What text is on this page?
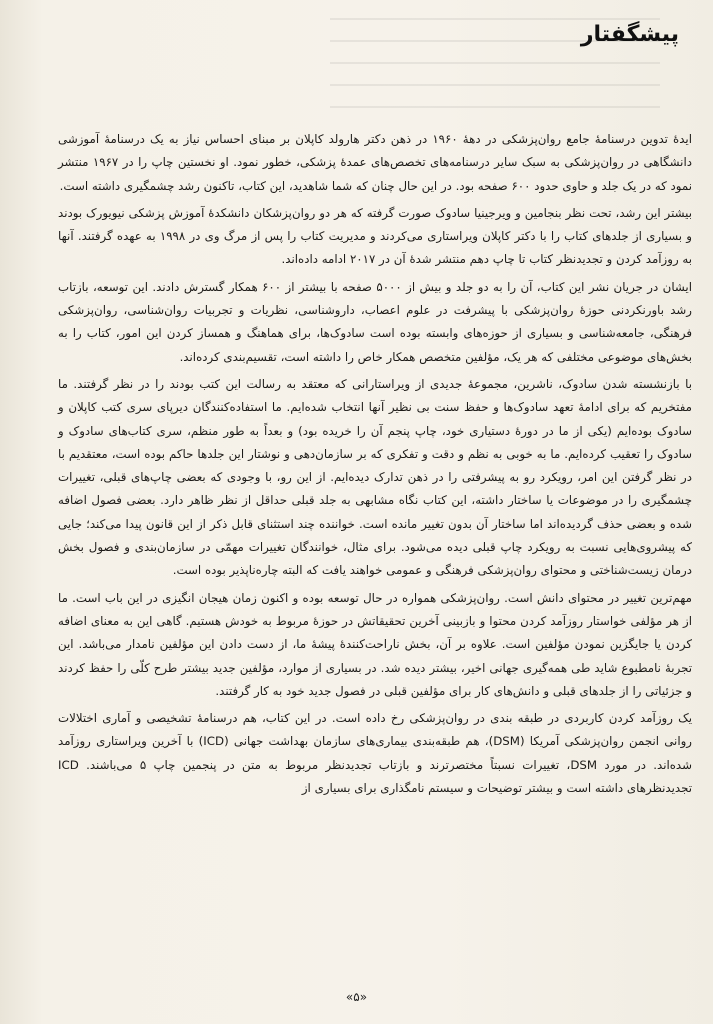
پیشگفتار

ایدهٔ تدوین درسنامهٔ جامع روان‌پزشکی در دههٔ ۱۹۶۰ در ذهن دکتر هارولد کاپلان بر مبنای احساس نیاز به یک درسنامهٔ آموزشی دانشگاهی در روان‌پزشکی به سبک سایر درسنامه‌های تخصص‌های عمدهٔ پزشکی، خطور نمود. او نخستین چاپ را در ۱۹۶۷ منتشر نمود که در یک جلد و حاوی حدود ۶۰۰ صفحه بود. در این حال چنان که شما شاهدید، این کتاب، تاکنون رشد چشمگیری داشته است.

بیشتر این رشد، تحت نظر بنجامین و ویرجینیا سادوک صورت گرفته که هر دو روان‌پزشکان دانشکدهٔ آموزش پزشکی نیویورک بودند و بسیاری از جلدهای کتاب را با دکتر کاپلان ویراستاری می‌کردند و مدیریت کتاب را پس از مرگ وی در ۱۹۹۸ به عهده گرفتند. آنها به روزآمد کردن و تجدیدنظر کتاب تا چاپ دهم منتشر شدهٔ آن در ۲۰۱۷ ادامه داده‌اند.

ایشان در جریان نشر این کتاب، آن را به دو جلد و بیش از ۵۰۰۰ صفحه با بیشتر از ۶۰۰ همکار گسترش دادند. این توسعه، بازتاب رشد باورنکردنی حوزهٔ روان‌پزشکی با پیشرفت در علوم اعصاب، داروشناسی، نظریات و تجربیات روان‌شناسی، روان‌پزشکی فرهنگی، جامعه‌شناسی و بسیاری از حوزه‌های وابسته بوده است سادوک‌ها، برای هماهنگ و همساز کردن این امور، کتاب را به بخش‌های موضوعی مختلفی که هر یک، مؤلفین متخصص همکار خاص را داشته است، تقسیم‌بندی کرده‌اند.

با بازنشسته شدن سادوک، ناشرین، مجموعهٔ جدیدی از ویراستارانی که معتقد به رسالت این کتب بودند را در نظر گرفتند. ما مفتخریم که برای ادامهٔ تعهد سادوک‌ها و حفظ سنت بی نظیر آنها انتخاب شده‌ایم. ما استفاده‌کنندگان دیرپای سری کتب کاپلان و سادوک بوده‌ایم (یکی از ما در دورهٔ دستیاری خود، چاپ پنجم آن را خریده بود) و بعداً به طور منظم، سری کتاب‌های سادوک و سادوک را تعقیب کرده‌ایم. ما به خوبی به نظم و دقت و تفکری که بر سازمان‌دهی و نوشتار این جلدها حاکم بوده است، معتقدیم با در نظر گرفتن این امر، رویکرد رو به پیشرفتی را در ذهن تدارک دیده‌ایم. از این رو، با وجودی که بعضی چاپ‌های قبلی، تغییرات چشمگیری را در موضوعات یا ساختار داشته، این کتاب نگاه مشابهی به جلد قبلی حداقل از نظر ظاهر دارد. بعضی فصول اضافه شده و بعضی حذف گردیده‌اند اما ساختار آن بدون تغییر مانده است. خواننده چند استثنای قابل ذکر از این قانون پیدا می‌کند؛ جایی که پیشروی‌هایی نسبت به رویکرد چاپ قبلی دیده می‌شود. برای مثال، خوانندگان تغییرات مهمّی در سازمان‌بندی و فصول بخش درمان زیست‌شناختی و محتوای روان‌پزشکی فرهنگی و عمومی خواهند یافت که البته چاره‌ناپذیر بوده است.

مهم‌ترین تغییر در محتوای دانش است. روان‌پزشکی همواره در حال توسعه بوده و اکنون زمان هیجان انگیزی در این باب است. ما از هر مؤلفی خواستار روزآمد کردن محتوا و بازبینی آخرین تحقیقاتش در حوزهٔ مربوط به خودش هستیم. گاهی این به معنای اضافه کردن یا جایگزین نمودن مؤلفین است. علاوه بر آن، بخش ناراحت‌کنندهٔ پیشهٔ ما، از دست دادن این مؤلفین نامدار می‌باشد. این تجربهٔ نامطبوع شاید طی همه‌گیری جهانی اخیر، بیشتر دیده شد. در بسیاری از موارد، مؤلفین جدید بیشتر طرح کلّی را حفظ کردند و جزئیاتی را از جلدهای قبلی و دانش‌های کار برای مؤلفین قبلی در فصول جدید خود به کار گرفتند.

یک روزآمد کردن کاربردی در طبقه بندی در روان‌پزشکی رخ داده است. در این کتاب، هم درسنامهٔ تشخیصی و آماری اختلالات روانی انجمن روان‌پزشکی آمریکا (DSM)، هم طبقه‌بندی بیماری‌های سازمان بهداشت جهانی (ICD) با آخرین ویراستاری روزآمد شده‌اند. در مورد DSM، تغییرات نسبتاً مختصرترند و بازتاب تجدیدنظر مربوط به متن در پنجمین چاپ ۵ می‌باشند. ICD تجدیدنظرهای داشته است و بیشتر توضیحات و سیستم نامگذاری برای بسیاری از

«۵»
